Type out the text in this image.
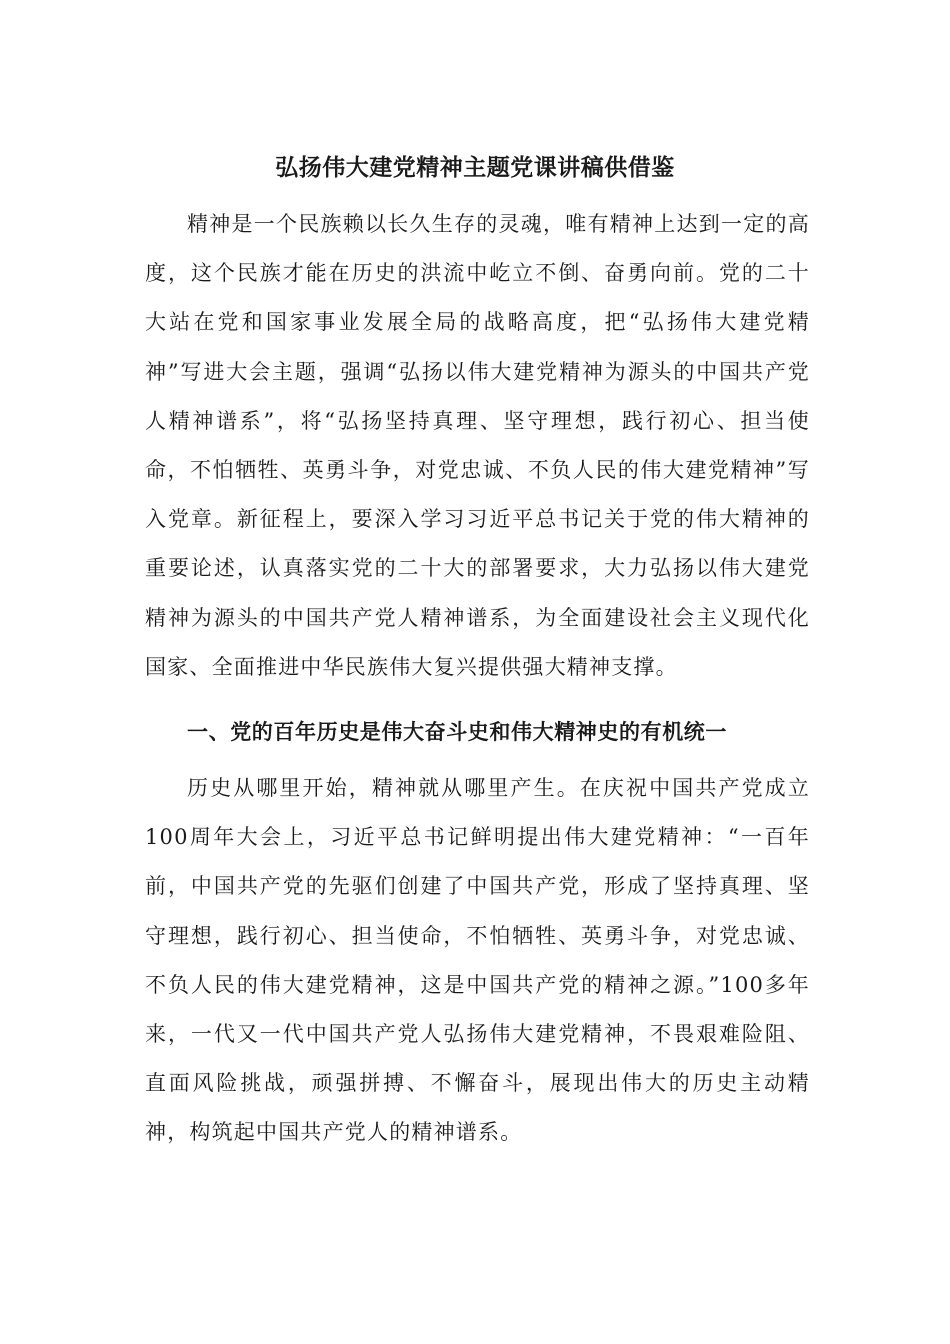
弘扬伟大建党精神主题党课讲稿供借鉴

精神是一个民族赖以长久生存的灵魂，唯有精神上达到一定的高度，这个民族才能在历史的洪流中屹立不倒、奋勇向前。党的二十大站在党和国家事业发展全局的战略高度，把“弘扬伟大建党精神”写进大会主题，强调“弘扬以伟大建党精神为源头的中国共产党人精神谱系”，将“弘扬坚持真理、坚守理想，践行初心、担当使命，不怕牺牲、英勇斗争，对党忠诚、不负人民的伟大建党精神”写入党章。新征程上，要深入学习习近平总书记关于党的伟大精神的重要论述，认真落实党的二十大的部署要求，大力弘扬以伟大建党精神为源头的中国共产党人精神谱系，为全面建设社会主义现代化国家、全面推进中华民族伟大复兴提供强大精神支撑。

一、党的百年历史是伟大奋斗史和伟大精神史的有机统一

历史从哪里开始，精神就从哪里产生。在庆祝中国共产党成立100周年大会上，习近平总书记鲜明提出伟大建党精神：“一百年前，中国共产党的先驱们创建了中国共产党，形成了坚持真理、坚守理想，践行初心、担当使命，不怕牺牲、英勇斗争，对党忠诚、不负人民的伟大建党精神，这是中国共产党的精神之源。”100多年来，一代又一代中国共产党人弘扬伟大建党精神，不畏艰难险阻、直面风险挑战，顽强拼搏、不懈奋斗，展现出伟大的历史主动精神，构筑起中国共产党人的精神谱系。
